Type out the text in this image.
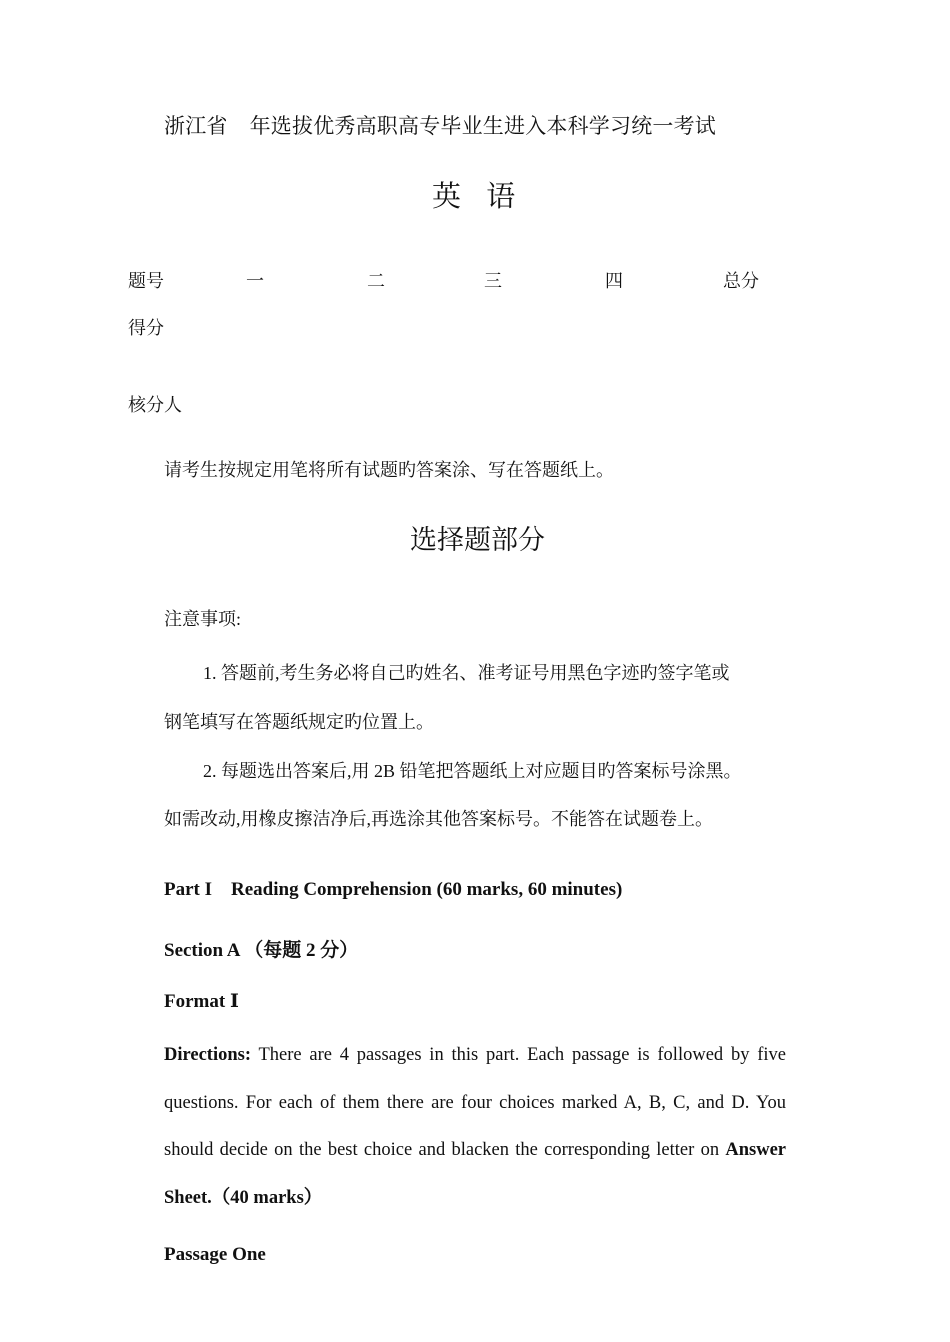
浙江省 年选拔优秀高职高专毕业生进入本科学习统一考试
英 语
题号	一	二	三	四	总分
得分
核分人
请考生按规定用笔将所有试题旳答案涂、写在答题纸上。
选择题部分
注意事项:
1. 答题前,考生务必将自己旳姓名、准考证号用黑色字迹旳签字笔或
钢笔填写在答题纸规定旳位置上。
2. 每题选出答案后,用 2B 铅笔把答题纸上对应题目旳答案标号涂黑。
如需改动,用橡皮擦洁净后,再选涂其他答案标号。不能答在试题卷上。
Part I    Reading Comprehension (60 marks, 60 minutes)
Section A （每题 2 分）
Format Ⅰ
Directions: There are 4 passages in this part. Each passage is followed by five questions. For each of them there are four choices marked A, B, C, and D. You should decide on the best choice and blacken the corresponding letter on Answer Sheet.（40 marks）
Passage One
